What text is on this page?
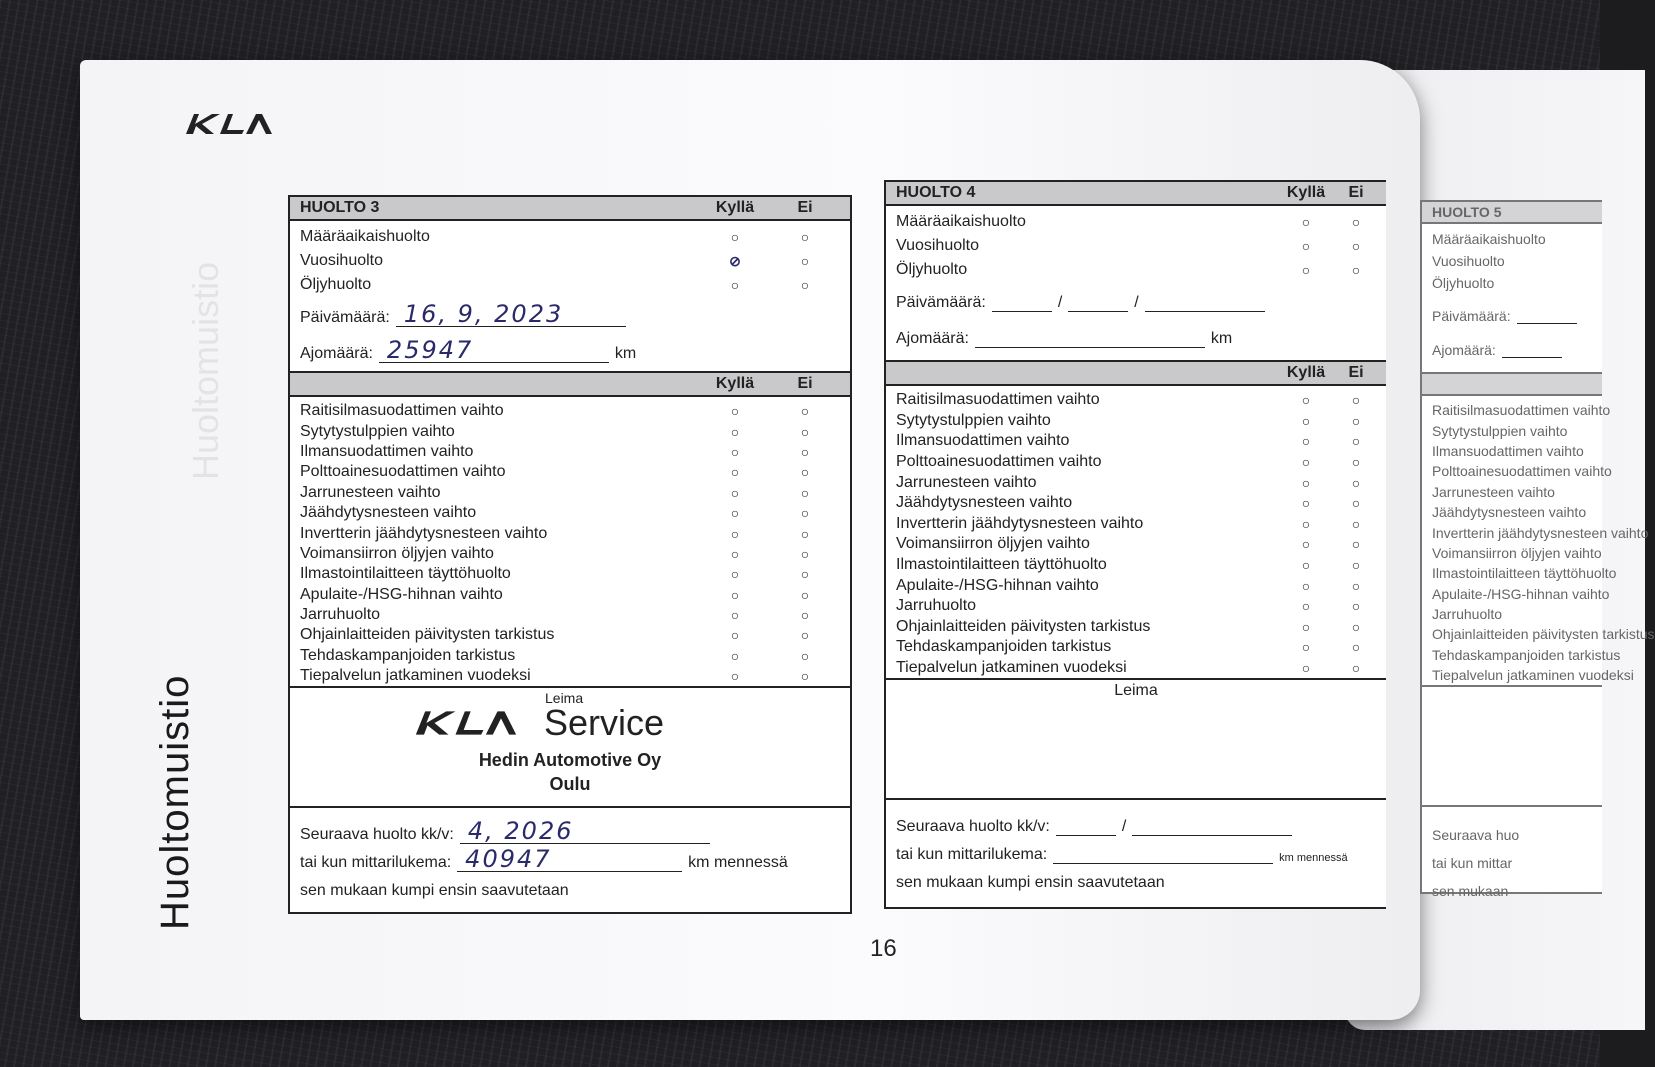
Huoltomuistio
Huoltomuistio
HUOLTO 3	Kyllä	Ei
Määräaikaishuolto	○	○
Vuosihuolto	⊘	○
Öljyhuolto	○	○
Päivämäärä: 16, 9, 2023
Ajomäärä: 25947	km
Kyllä	Ei
Raitisilmasuodattimen vaihto	○	○
Sytytystulppien vaihto	○	○
Ilmansuodattimen vaihto	○	○
Polttoainesuodattimen vaihto	○	○
Jarrunesteen vaihto	○	○
Jäähdytysnesteen vaihto	○	○
Invertterin jäähdytysnesteen vaihto	○	○
Voimansiirron öljyjen vaihto	○	○
Ilmastointilaitteen täyttöhuolto	○	○
Apulaite-/HSG-hihnan vaihto	○	○
Jarruhuolto	○	○
Ohjainlaitteiden päivitysten tarkistus	○	○
Tehdaskampanjoiden tarkistus	○	○
Tiepalvelun jatkaminen vuodeksi	○	○
Leima
Service
Hedin Automotive Oy
Oulu
Seuraava huolto kk/v: 4, 2026
tai kun mittarilukema: 40947	km mennessä
sen mukaan kumpi ensin saavutetaan
HUOLTO 4	Kyllä	Ei
Määräaikaishuolto	○	○
Vuosihuolto	○	○
Öljyhuolto	○	○
Päivämäärä:	/	/
Ajomäärä:	km
Kyllä	Ei
Raitisilmasuodattimen vaihto	○	○
Sytytystulppien vaihto	○	○
Ilmansuodattimen vaihto	○	○
Polttoainesuodattimen vaihto	○	○
Jarrunesteen vaihto	○	○
Jäähdytysnesteen vaihto	○	○
Invertterin jäähdytysnesteen vaihto	○	○
Voimansiirron öljyjen vaihto	○	○
Ilmastointilaitteen täyttöhuolto	○	○
Apulaite-/HSG-hihnan vaihto	○	○
Jarruhuolto	○	○
Ohjainlaitteiden päivitysten tarkistus	○	○
Tehdaskampanjoiden tarkistus	○	○
Tiepalvelun jatkaminen vuodeksi	○	○
Leima
Seuraava huolto kk/v:	/
tai kun mittarilukema:	km mennessä
sen mukaan kumpi ensin saavutetaan
HUOLTO 5
Määräaikaishuolto
Vuosihuolto
Öljyhuolto
Päivämäärä:
Ajomäärä:
Raitisilmasuodattimen vaihto
Sytytystulppien vaihto
Ilmansuodattimen vaihto
Polttoainesuodattimen vaihto
Jarrunesteen vaihto
Jäähdytysnesteen vaihto
Invertterin jäähdytysnesteen vaihto
Voimansiirron öljyjen vaihto
Ilmastointilaitteen täyttöhuolto
Apulaite-/HSG-hihnan vaihto
Jarruhuolto
Ohjainlaitteiden päivitysten tarkistus
Tehdaskampanjoiden tarkistus
Tiepalvelun jatkaminen vuodeksi
Seuraava huo
tai kun mittar
sen mukaan
16
